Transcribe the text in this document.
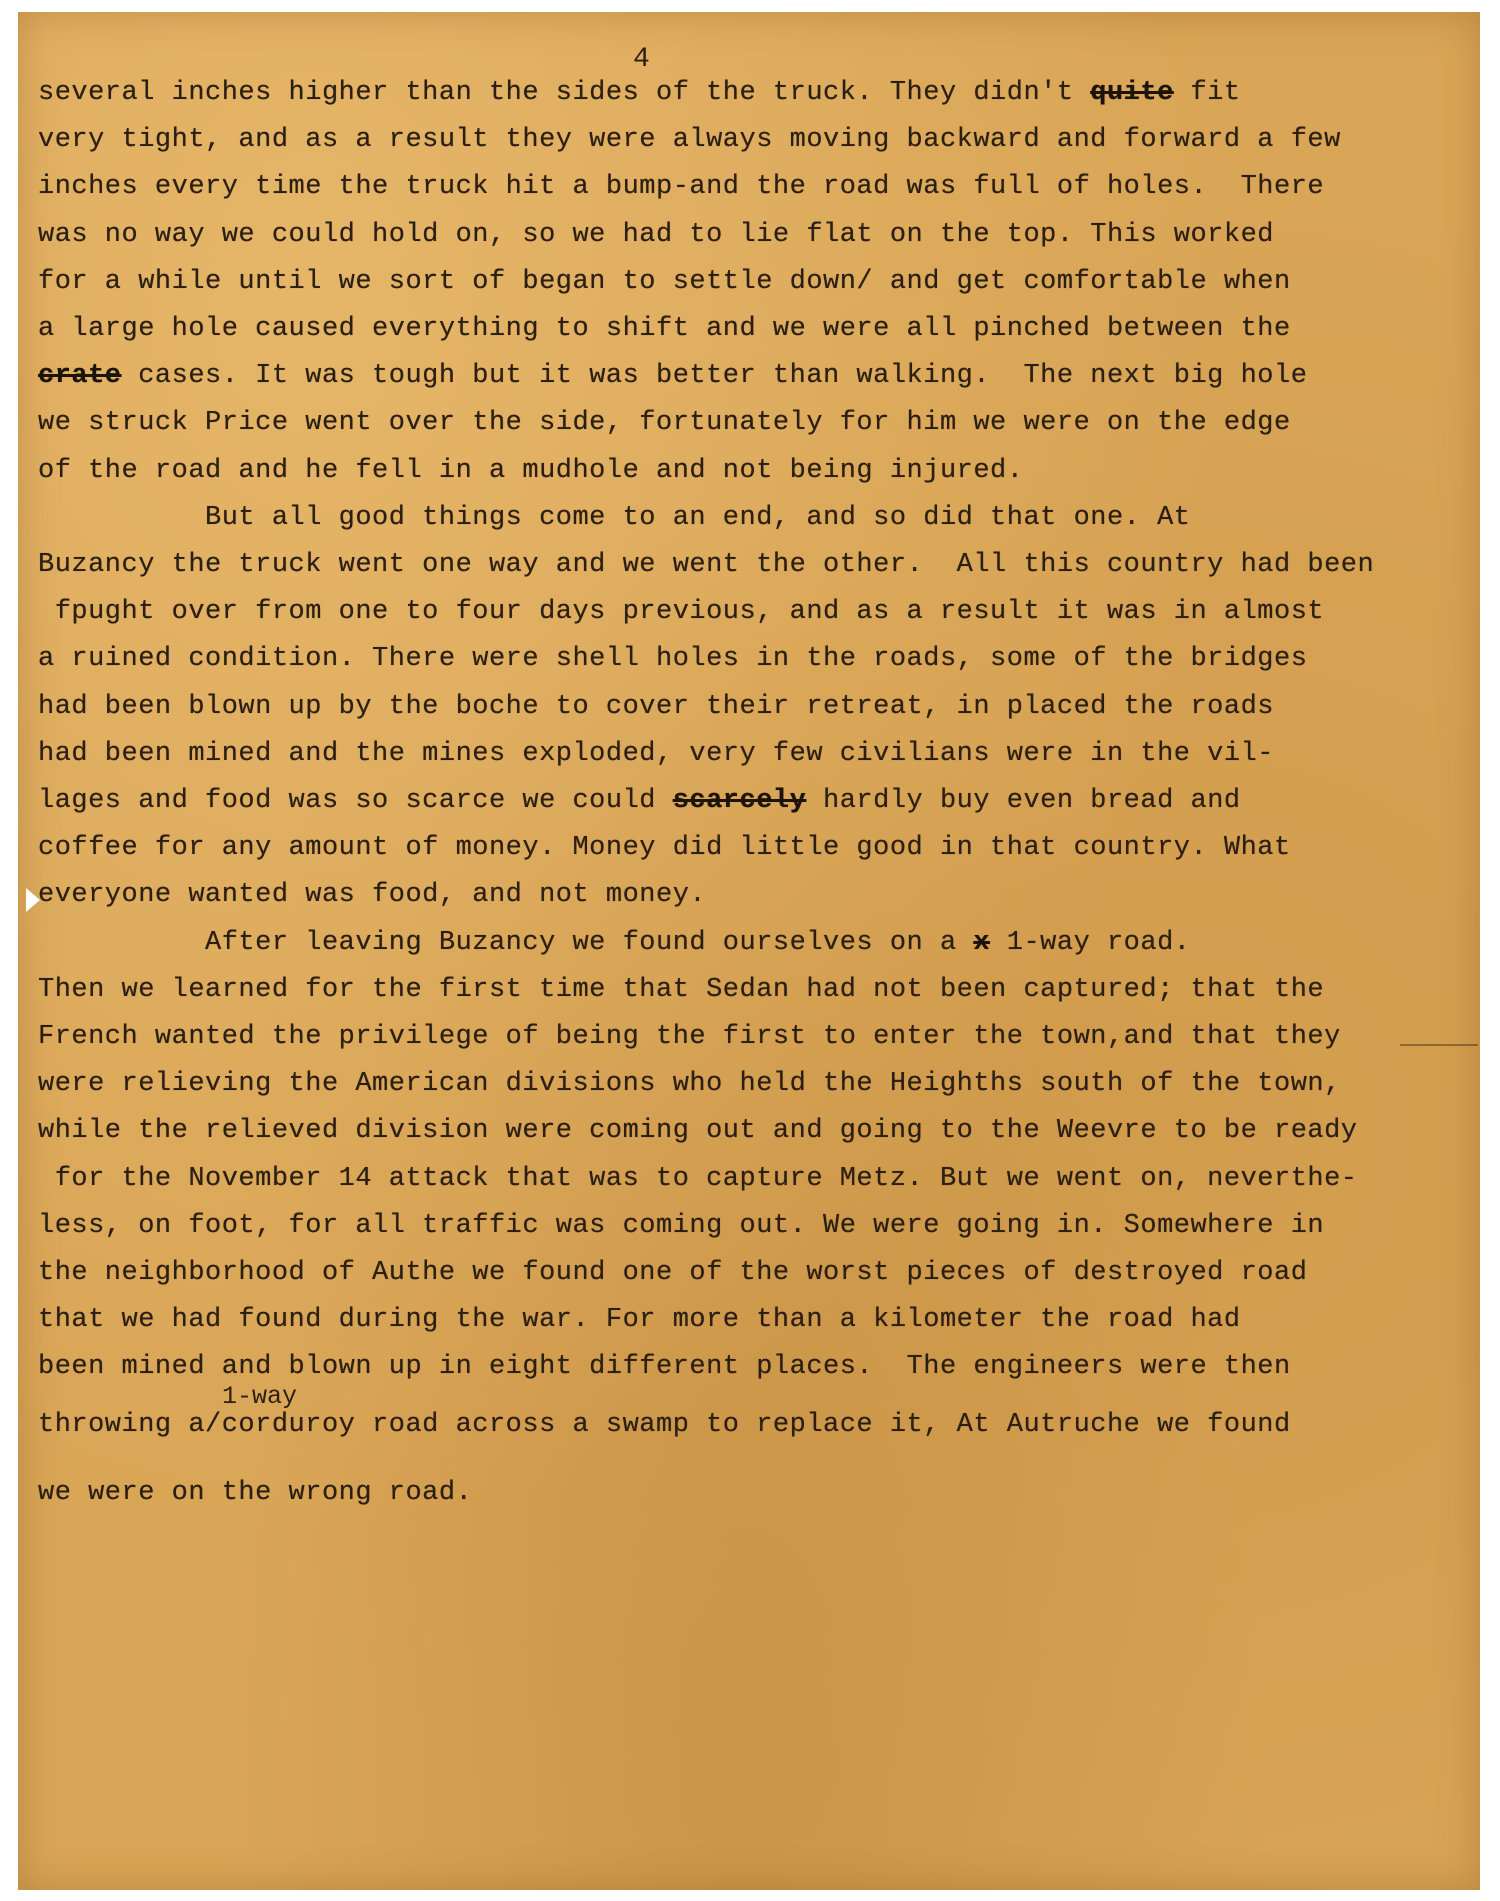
4
several inches higher than the sides of the truck. They didn't quite fit
very tight, and as a result they were always moving backward and forward a few
inches every time the truck hit a bump-and the road was full of holes.  There
was no way we could hold on, so we had to lie flat on the top. This worked
for a while until we sort of began to settle down/ and get comfortable when
a large hole caused everything to shift and we were all pinched between the
crate cases. It was tough but it was better than walking.  The next big hole
we struck Price went over the side, fortunately for him we were on the edge
of the road and he fell in a mudhole and not being injured.
But all good things come to an end, and so did that one. At
Buzancy the truck went one way and we went the other.  All this country had been
fpught over from one to four days previous, and as a result it was in almost
a ruined condition. There were shell holes in the roads, some of the bridges
had been blown up by the boche to cover their retreat, in placed the roads
had been mined and the mines exploded, very few civilians were in the vil-
lages and food was so scarce we could scarcely hardly buy even bread and
coffee for any amount of money. Money did little good in that country. What
everyone wanted was food, and not money.
After leaving Buzancy we found ourselves on a x 1-way road.
Then we learned for the first time that Sedan had not been captured; that the
French wanted the privilege of being the first to enter the town,and that they
were relieving the American divisions who held the Heighths south of the town,
while the relieved division were coming out and going to the Weevre to be ready
for the November 14 attack that was to capture Metz. But we went on, neverthe-
less, on foot, for all traffic was coming out. We were going in. Somewhere in
the neighborhood of Authe we found one of the worst pieces of destroyed road
that we had found during the war. For more than a kilometer the road had
been mined and blown up in eight different places.  The engineers were then
throwing a/corduroy road across a swamp to replace it, At Autruche we found
we were on the wrong road.
1-way
